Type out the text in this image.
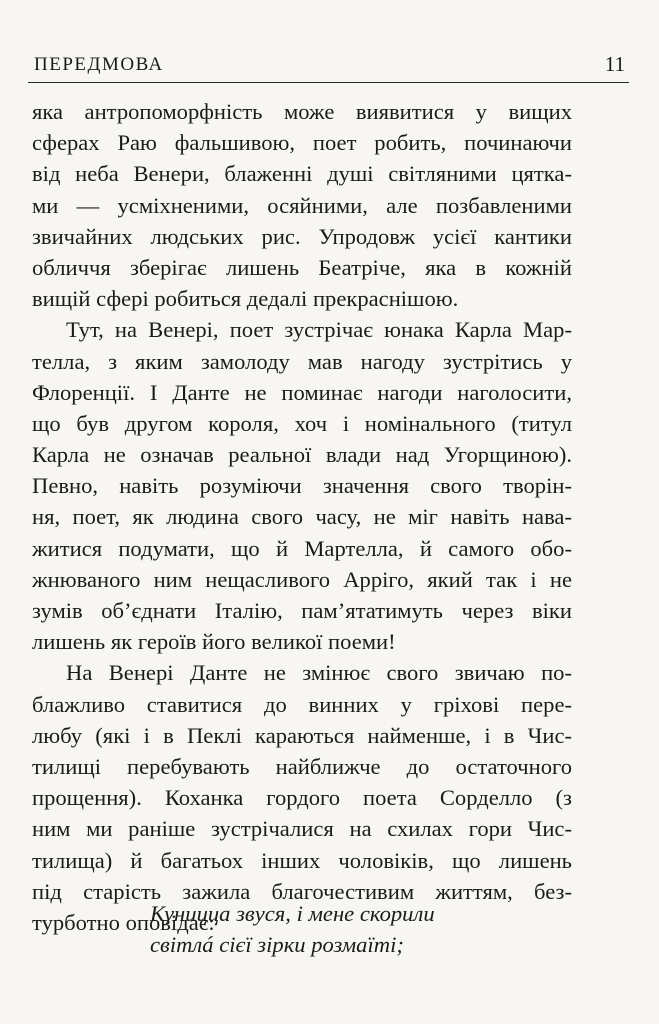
ПЕРЕДМОВА	11
яка антропоморфність може виявитися у вищих
сферах Раю фальшивою, поет робить, починаючи
від неба Венери, блаженні душі світляними цятка-
ми — усміхненими, осяйними, але позбавленими
звичайних людських рис. Упродовж усієї кантики
обличчя зберігає лишень Беатріче, яка в кожній
вищій сфері робиться дедалі прекраснішою.
Тут, на Венері, поет зустрічає юнака Карла Мар-
телла, з яким замолоду мав нагоду зустрітись у
Флоренції. І Данте не поминає нагоди наголосити,
що був другом короля, хоч і номінального (титул
Карла не означав реальної влади над Угорщиною).
Певно, навіть розуміючи значення свого творін-
ня, поет, як людина свого часу, не міг навіть нава-
житися подумати, що й Мартелла, й самого обо-
жнюваного ним нещасливого Арріго, який так і не
зумів об’єднати Італію, пам’ятатимуть через віки
лишень як героїв його великої поеми!
На Венері Данте не змінює свого звичаю по-
блажливо ставитися до винних у гріхові пере-
любу (які і в Пеклі караються найменше, і в Чис-
тилищі перебувають найближче до остаточного
прощення). Коханка гордого поета Сорделло (з
ним ми раніше зустрічалися на схилах гори Чис-
тилища) й багатьох інших чоловіків, що лишень
під старість зажила благочестивим життям, без-
турботно оповідає:
Куниццa звуся, і мене скорили
світлá сієї зірки розмаїті;
